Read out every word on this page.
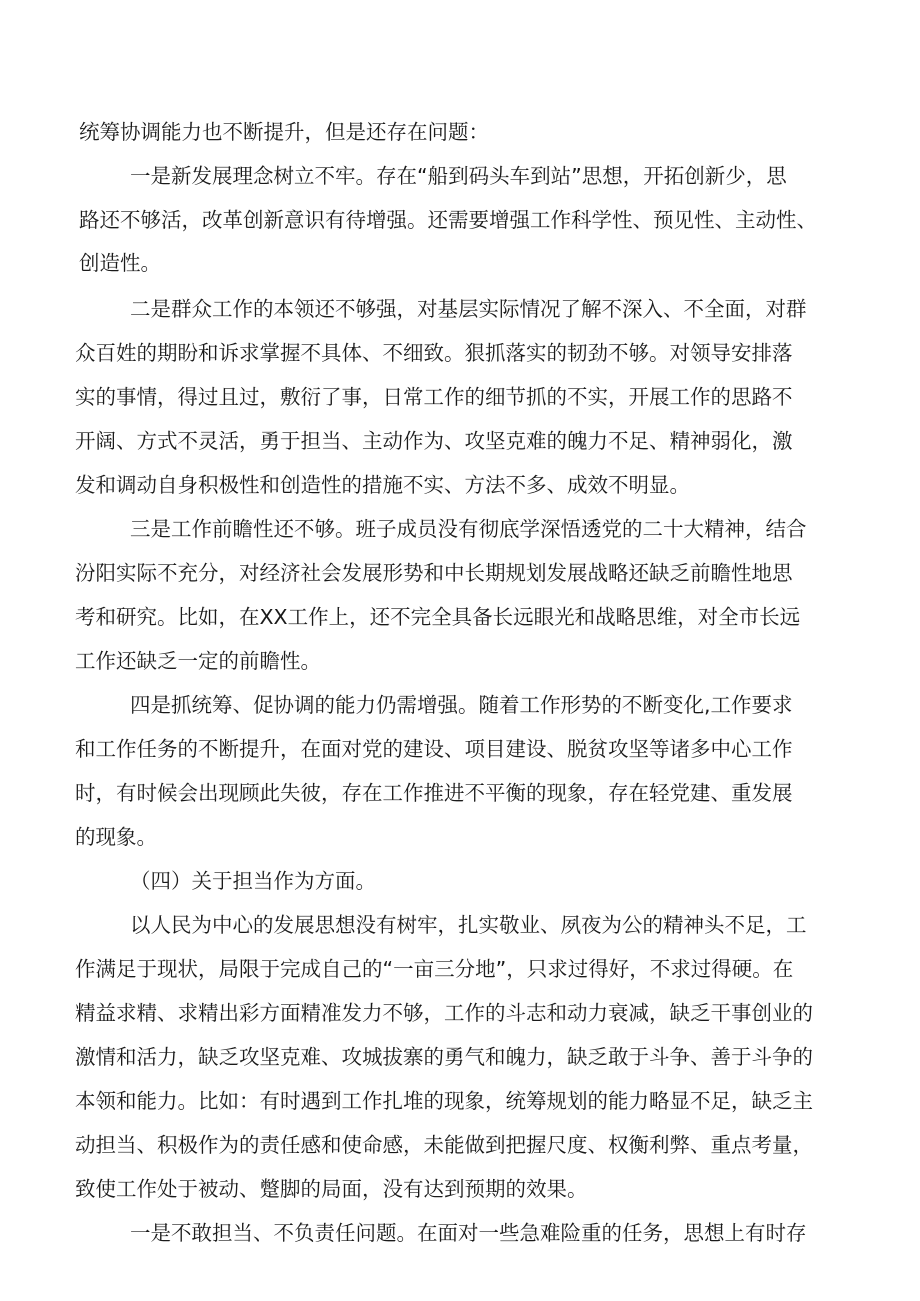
统筹协调能力也不断提升，但是还存在问题：

一是新发展理念树立不牢。存在“船到码头车到站”思想，开拓创新少，思

路还不够活，改革创新意识有待增强。还需要增强工作科学性、预见性、主动性、

创造性。

二是群众工作的本领还不够强，对基层实际情况了解不深入、不全面，对群

众百姓的期盼和诉求掌握不具体、不细致。狠抓落实的韧劲不够。对领导安排落

实的事情，得过且过，敷衍了事，日常工作的细节抓的不实，开展工作的思路不

开阔、方式不灵活，勇于担当、主动作为、攻坚克难的魄力不足、精神弱化，激

发和调动自身积极性和创造性的措施不实、方法不多、成效不明显。

三是工作前瞻性还不够。班子成员没有彻底学深悟透党的二十大精神，结合

汾阳实际不充分，对经济社会发展形势和中长期规划发展战略还缺乏前瞻性地思

考和研究。比如，在XX工作上，还不完全具备长远眼光和战略思维，对全市长远

工作还缺乏一定的前瞻性。

四是抓统筹、促协调的能力仍需增强。随着工作形势的不断变化,工作要求

和工作任务的不断提升，在面对党的建设、项目建设、脱贫攻坚等诸多中心工作

时，有时候会出现顾此失彼，存在工作推进不平衡的现象，存在轻党建、重发展

的现象。

（四）关于担当作为方面。

以人民为中心的发展思想没有树牢，扎实敬业、夙夜为公的精神头不足，工

作满足于现状，局限于完成自己的“一亩三分地”，只求过得好，不求过得硬。在

精益求精、求精出彩方面精准发力不够，工作的斗志和动力衰减，缺乏干事创业的

激情和活力，缺乏攻坚克难、攻城拔寨的勇气和魄力，缺乏敢于斗争、善于斗争的

本领和能力。比如：有时遇到工作扎堆的现象，统筹规划的能力略显不足，缺乏主

动担当、积极作为的责任感和使命感，未能做到把握尺度、权衡利弊、重点考量，

致使工作处于被动、蹩脚的局面，没有达到预期的效果。

一是不敢担当、不负责任问题。在面对一些急难险重的任务，思想上有时存
